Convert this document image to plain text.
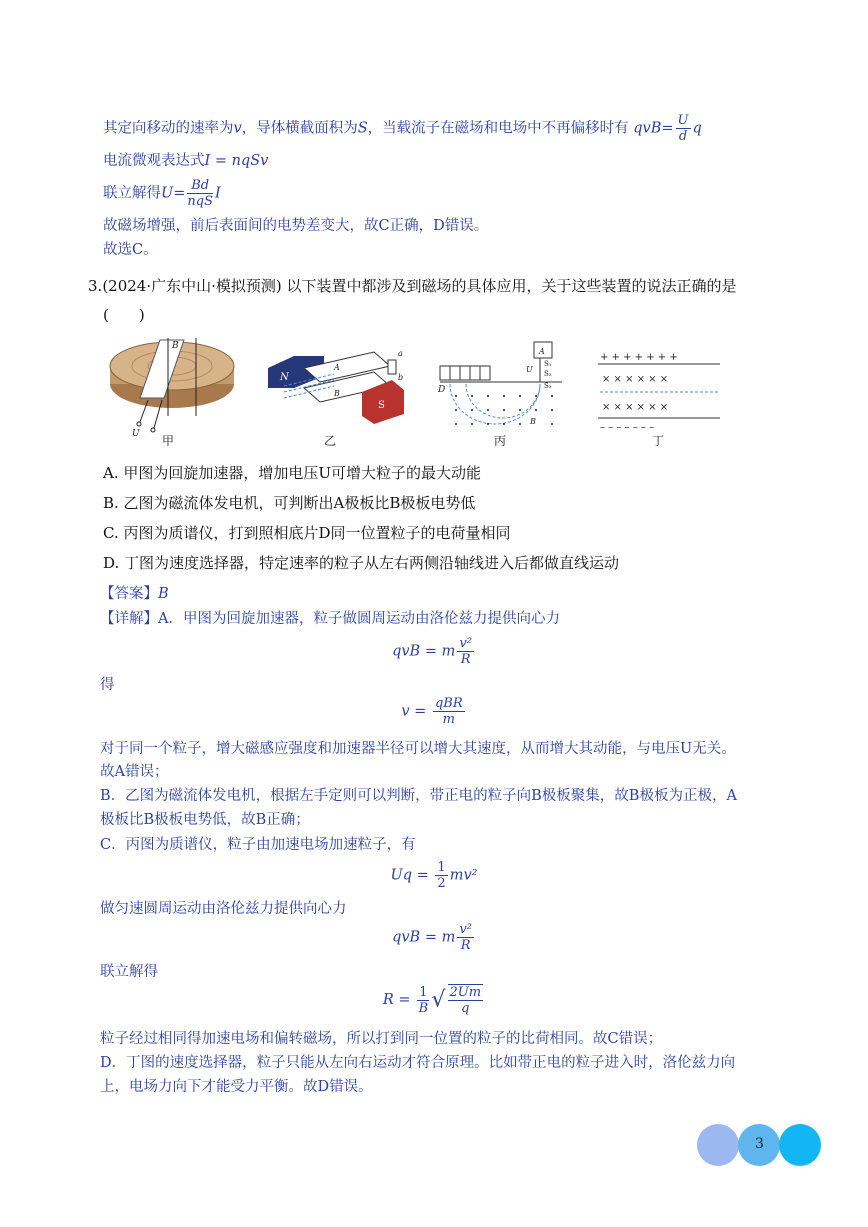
其定向移动的速率为v，导体横截面积为S，当载流子在磁场和电场中不再偏移时有 $qvB= \frac{U}{d}$ q
电流微观表达式I = nqSv
联立解得$U= \frac{Bd}{\text{nqS}}$ I
故磁场增强，前后表面间的电势差变大，故C正确，D错误。
故选C。
3.(2024·广东中山·模拟预测) 以下装置中都涉及到磁场的具体应用，关于这些装置的说法正确的是
(　　)
B
U 甲
N
S
A
B
a
b
乙
A
U
S₁
S₂
S₃
D
B
丙
+ + + + + + +
× × × × × ×
× × × × × ×
– – – – – – –
丁
A. 甲图为回旋加速器，增加电压U可增大粒子的最大动能
B. 乙图为磁流体发电机，可判断出A极板比B极板电势低
C. 丙图为质谱仪，打到照相底片D同一位置粒子的电荷量相同
D. 丁图为速度选择器，特定速率的粒子从左右两侧沿轴线进入后都做直线运动
【答案】B
【详解】A．甲图为回旋加速器，粒子做圆周运动由洛伦兹力提供向心力
qvB = m $\frac{\text{v²}}{R}$
得
$v = \frac{\text{qBR}}{m}$
对于同一个粒子，增大磁感应强度和加速器半径可以增大其速度，从而增大其动能，与电压U无关。
故A错误；
B．乙图为磁流体发电机，根据左手定则可以判断，带正电的粒子向B极板聚集，故B极板为正极，A
极板比B极板电势低，故B正确；
C．丙图为质谱仪，粒子由加速电场加速粒子，有
$Uq = \frac{1}{2} mv^2$
做匀速圆周运动由洛伦兹力提供向心力
qvB = m $\frac{\text{v²}}{R}$
联立解得
$R = \frac{1}{B}$ √ $\frac{2Um}{q}$
粒子经过相同得加速电场和偏转磁场，所以打到同一位置的粒子的比荷相同。故C错误；
D．丁图的速度选择器，粒子只能从左向右运动才符合原理。比如带正电的粒子进入时，洛伦兹力向
上，电场力向下才能受力平衡。故D错误。
3
